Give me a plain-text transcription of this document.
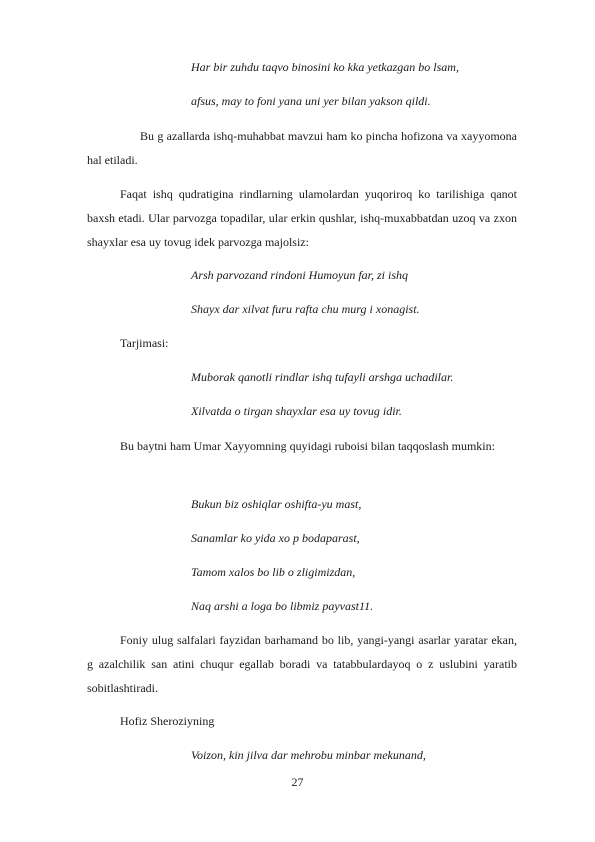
Har bir zuhdu taqvo binosini ko kka yetkazgan bo lsam,
afsus, may to foni yana uni yer bilan yakson qildi.

Bu g azallarda ishq-muhabbat mavzui ham ko pincha hofizona va xayyomona hal etiladi.

Faqat ishq qudratigina rindlarning ulamolardan yuqoriroq ko tarilishiga qanot baxsh etadi. Ular parvozga topadilar, ular erkin qushlar, ishq-muxabbatdan uzoq va zxon shayxlar esa uy tovug idek parvozga majolsiz:

Arsh parvozand rindoni Humoyun far, zi ishq
Shayx dar xilvat furu rafta chu murg i xonagist.
Tarjimasi:
Muborak qanotli rindlar ishq tufayli arshga uchadilar.
Xilvatda o tirgan shayxlar esa uy tovug idir.

Bu baytni ham Umar Xayyomning quyidagi ruboisi bilan taqqoslash mumkin:

Bukun biz oshiqlar oshifta-yu mast,
Sanamlar ko yida xo p bodaparast,
Tamom xalos bo lib o zligimizdan,
Naq arshi a loga bo libmiz payvast11.

Foniy ulug salfalari fayzidan barhamand bo lib, yangi-yangi asarlar yaratar ekan, g azalchilik san atini chuqur egallab boradi va tatabbulardayoq o z uslubini yaratib sobitlashtiradi.

Hofiz Sheroziyning
Voizon, kin jilva dar mehrobu minbar mekunand,
27
